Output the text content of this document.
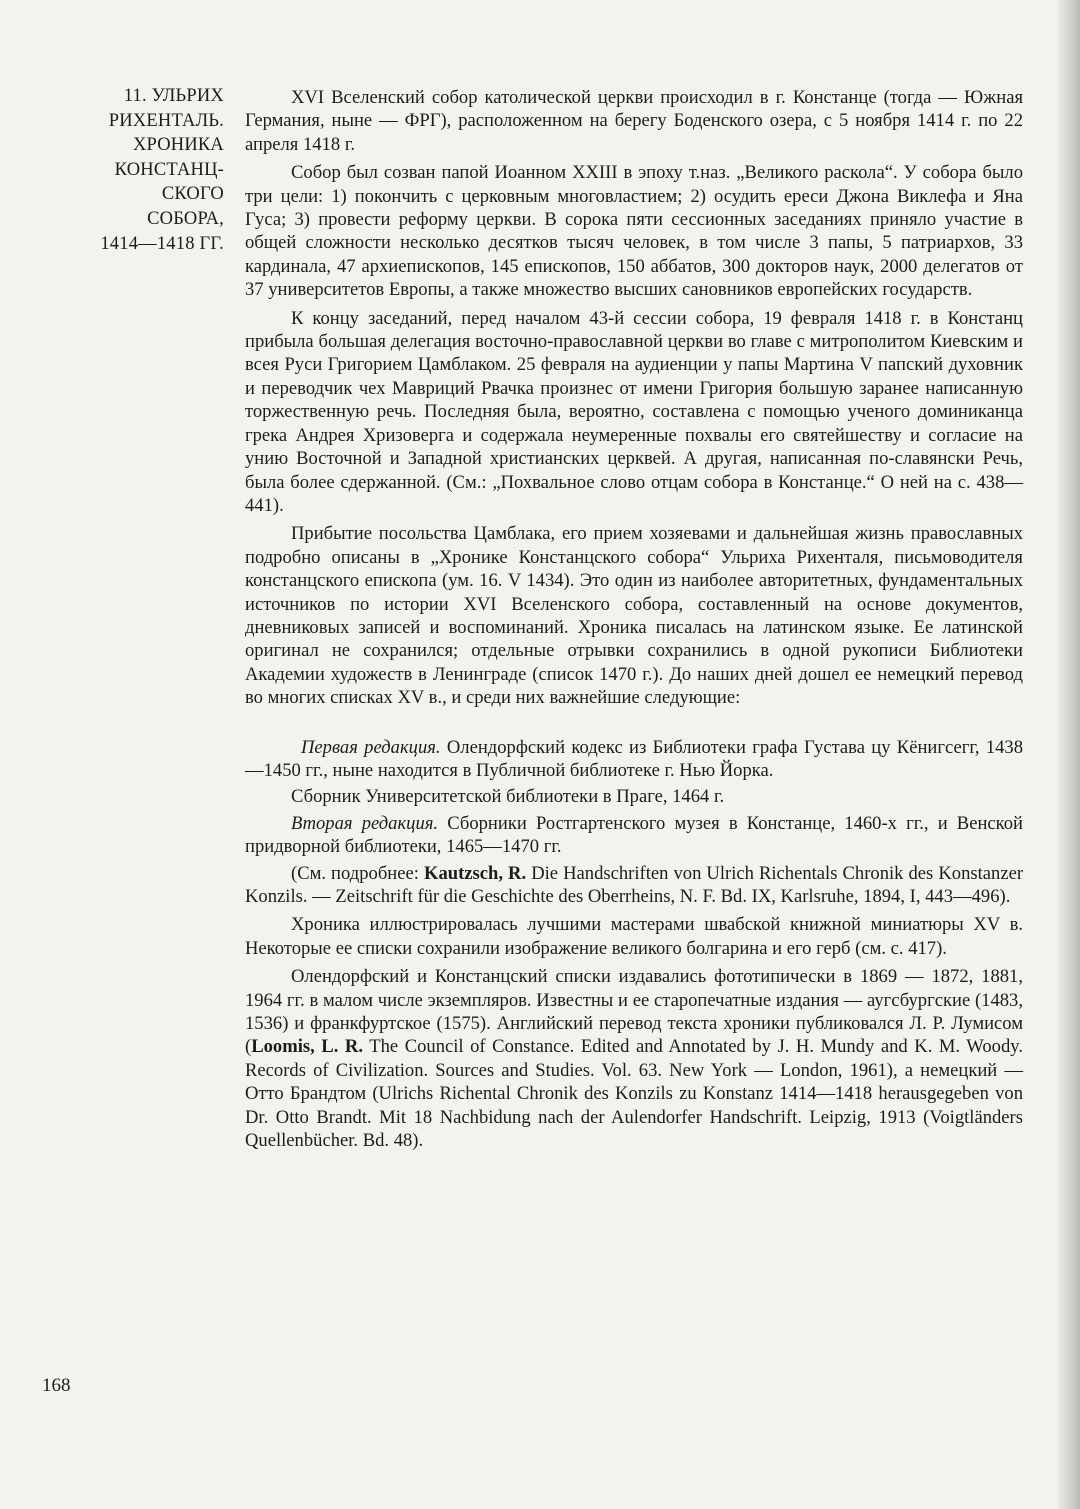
11. УЛЬРИХ
РИХЕНТАЛЬ.
ХРОНИКА
КОНСТАНЦ-
СКОГО
СОБОРА,
1414—1418 ГГ.

XVI Вселенский собор католической церкви происходил в г. Констанце (тогда — Южная Германия, ныне — ФРГ), расположенном на берегу Боденского озера, с 5 ноября 1414 г. по 22 апреля 1418 г.

Собор был созван папой Иоанном XXIII в эпоху т.наз. „Великого раскола“. У собора было три цели: 1) покончить с церковным многовластием; 2) осудить ереси Джона Виклефа и Яна Гуса; 3) провести реформу церкви. В сорока пяти сессионных заседаниях приняло участие в общей сложности несколько десятков тысяч человек, в том числе 3 папы, 5 патриархов, 33 кардинала, 47 архиепископов, 145 епископов, 150 аббатов, 300 докторов наук, 2000 делегатов от 37 университетов Европы, а также множество высших сановников европейских государств.

К концу заседаний, перед началом 43-й сессии собора, 19 февраля 1418 г. в Констанц прибыла большая делегация восточно-православной церкви во главе с митрополитом Киевским и всея Руси Григорием Цамблаком. 25 февраля на аудиенции у папы Мартина V папский духовник и переводчик чех Мавриций Рвачка произнес от имени Григория большую заранее написанную торжественную речь. Последняя была, вероятно, составлена с помощью ученого доминиканца грека Андрея Хризоверга и содержала неумеренные похвалы его святейшеству и согласие на унию Восточной и Западной христианских церквей. А другая, написанная по-славянски Речь, была более сдержанной. (См.: „Похвальное слово отцам собора в Констанце.“ О ней на с. 438—441).

Прибытие посольства Цамблака, его прием хозяевами и дальнейшая жизнь православных подробно описаны в „Хронике Констанцского собора“ Ульриха Рихенталя, письмоводителя констанцского епископа (ум. 16. V 1434). Это один из наиболее авторитетных, фундаментальных источников по истории XVI Вселенского собора, составленный на основе документов, дневниковых записей и воспоминаний. Хроника писалась на латинском языке. Ее латинской оригинал не сохранился; отдельные отрывки сохранились в одной рукописи Библиотеки Академии художеств в Ленинграде (список 1470 г.). До наших дней дошел ее немецкий перевод во многих списках XV в., и среди них важнейшие следующие:

Первая редакция. Олендорфский кодекс из Библиотеки графа Густава цу Кёнигсегг, 1438—1450 гг., ныне находится в Публичной библиотеке г. Нью Йорка.

Сборник Университетской библиотеки в Праге, 1464 г.

Вторая редакция. Сборники Ростгартенского музея в Констанце, 1460-х гг., и Венской придворной библиотеки, 1465—1470 гг.

(См. подробнее: Kautzsch, R. Die Handschriften von Ulrich Richentals Chronik des Konstanzer Konzils. — Zeitschrift für die Geschichte des Oberrheins, N. F. Bd. IX, Karlsruhe, 1894, I, 443—496).

Хроника иллюстрировалась лучшими мастерами швабской книжной миниатюры XV в. Некоторые ее списки сохранили изображение великого болгарина и его герб (см. с. 417).

Олендорфский и Констанцский списки издавались фототипически в 1869 — 1872, 1881, 1964 гг. в малом числе экземпляров. Известны и ее старопечатные издания — аугсбургские (1483, 1536) и франкфуртское (1575). Английский перевод текста хроники публиковался Л. Р. Лумисом (Loomis, L. R. The Council of Constance. Edited and Annotated by J. H. Mundy and K. M. Woody. Records of Civilization. Sources and Studies. Vol. 63. New York — London, 1961), а немецкий — Отто Брандтом (Ulrichs Richental Chronik des Konzils zu Konstanz 1414—1418 herausgegeben von Dr. Otto Brandt. Mit 18 Nachbidung nach der Aulendorfer Handschrift. Leipzig, 1913 (Voigtländers Quellenbücher. Bd. 48).

168
